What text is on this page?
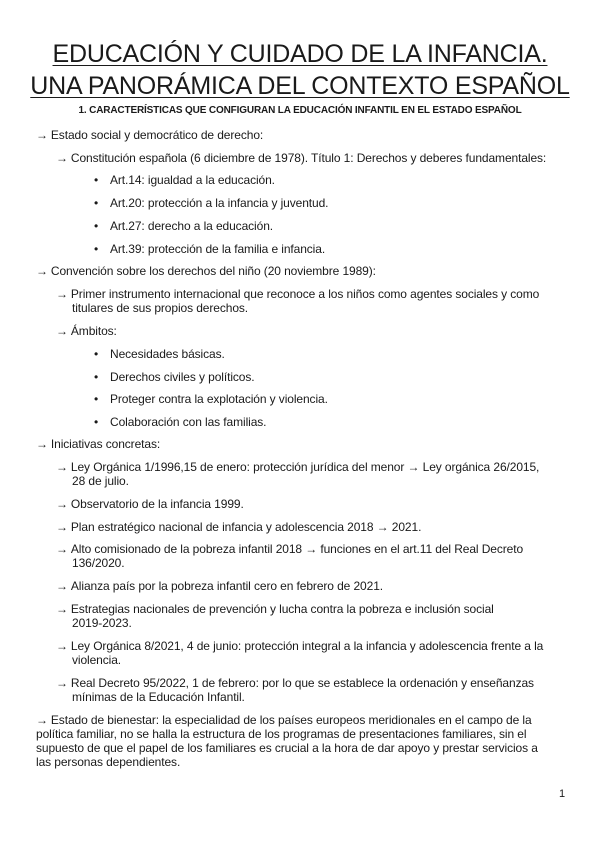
EDUCACIÓN Y CUIDADO DE LA INFANCIA.
UNA PANORÁMICA DEL CONTEXTO ESPAÑOL
1. CARACTERÍSTICAS QUE CONFIGURAN LA EDUCACIÓN INFANTIL EN EL ESTADO ESPAÑOL
→ Estado social y democrático de derecho:
→ Constitución española (6 diciembre de 1978). Título 1: Derechos y deberes fundamentales:
• Art.14: igualdad a la educación.
• Art.20: protección a la infancia y juventud.
• Art.27: derecho a la educación.
• Art.39: protección de la familia e infancia.
→ Convención sobre los derechos del niño (20 noviembre 1989):
→ Primer instrumento internacional que reconoce a los niños como agentes sociales y como
titulares de sus propios derechos.
→ Ámbitos:
• Necesidades básicas.
• Derechos civiles y políticos.
• Proteger contra la explotación y violencia.
• Colaboración con las familias.
→ Iniciativas concretas:
→ Ley Orgánica 1/1996,15 de enero: protección jurídica del menor → Ley orgánica 26/2015,
28 de julio.
→ Observatorio de la infancia 1999.
→ Plan estratégico nacional de infancia y adolescencia 2018 → 2021.
→ Alto comisionado de la pobreza infantil 2018 → funciones en el art.11 del Real Decreto
136/2020.
→ Alianza país por la pobreza infantil cero en febrero de 2021.
→ Estrategias nacionales de prevención y lucha contra la pobreza e inclusión social
2019-2023.
→ Ley Orgánica 8/2021, 4 de junio: protección integral a la infancia y adolescencia frente a la
violencia.
→ Real Decreto 95/2022, 1 de febrero: por lo que se establece la ordenación y enseñanzas
mínimas de la Educación Infantil.
→ Estado de bienestar: la especialidad de los países europeos meridionales en el campo de la
política familiar, no se halla la estructura de los programas de presentaciones familiares, sin el
supuesto de que el papel de los familiares es crucial a la hora de dar apoyo y prestar servicios a
las personas dependientes.
1
